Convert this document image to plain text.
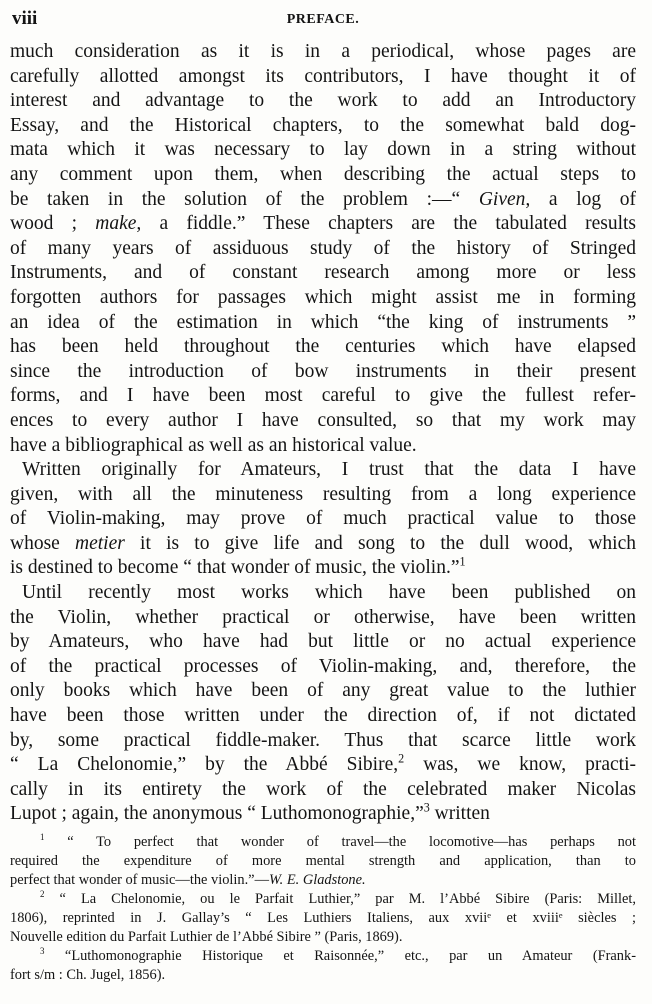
viii	PREFACE.
much consideration as it is in a periodical, whose pages are
carefully allotted amongst its contributors, I have thought it of
interest and advantage to the work to add an Introductory
Essay, and the Historical chapters, to the somewhat bald dog-
mata which it was necessary to lay down in a string without
any comment upon them, when describing the actual steps to
be taken in the solution of the problem :—“ Given, a log of
wood ; make, a fiddle.” These chapters are the tabulated results
of many years of assiduous study of the history of Stringed
Instruments, and of constant research among more or less
forgotten authors for passages which might assist me in forming
an idea of the estimation in which “the king of instruments ”
has been held throughout the centuries which have elapsed
since the introduction of bow instruments in their present
forms, and I have been most careful to give the fullest refer-
ences to every author I have consulted, so that my work may
have a bibliographical as well as an historical value.
Written originally for Amateurs, I trust that the data I have
given, with all the minuteness resulting from a long experience
of Violin-making, may prove of much practical value to those
whose metier it is to give life and song to the dull wood, which
is destined to become “ that wonder of music, the violin.”$^1$
Until recently most works which have been published on
the Violin, whether practical or otherwise, have been written
by Amateurs, who have had but little or no actual experience
of the practical processes of Violin-making, and, therefore, the
only books which have been of any great value to the luthier
have been those written under the direction of, if not dictated
by, some practical fiddle-maker. Thus that scarce little work
“ La Chelonomie,” by the Abbé Sibire,$^2$ was, we know, practi-
cally in its entirety the work of the celebrated maker Nicolas
Lupot ; again, the anonymous “ Luthomonographie,”$^3$ written
$^1$ “ To perfect that wonder of travel—the locomotive—has perhaps not
required the expenditure of more mental strength and application, than to
perfect that wonder of music—the violin.”—W. E. Gladstone.
$^2$ “ La Chelonomie, ou le Parfait Luthier,” par M. l’Abbé Sibire (Paris: Millet,
1806), reprinted in J. Gallay’s “ Les Luthiers Italiens, aux xviiᵉ et xviiiᵉ siècles ;
Nouvelle edition du Parfait Luthier de l’Abbé Sibire ” (Paris, 1869).
$^3$ “Luthomonographie Historique et Raisonnée,” etc., par un Amateur (Frank-
fort s/m : Ch. Jugel, 1856).
